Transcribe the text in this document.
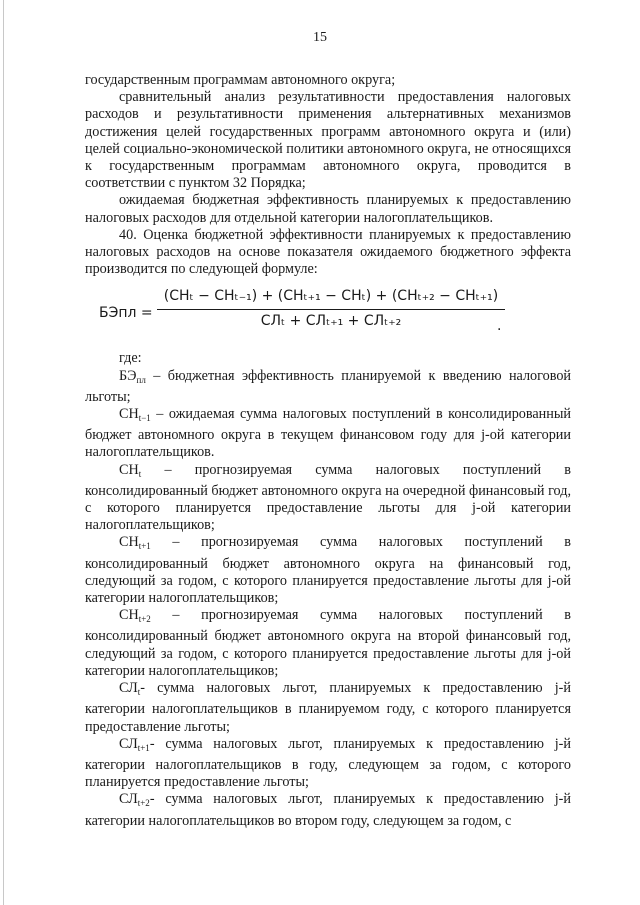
15

государственным программам автономного округа;

сравнительный анализ результативности предоставления налоговых расходов и результативности применения альтернативных механизмов достижения целей государственных программ автономного округа и (или) целей социально-экономической политики автономного округа, не относящихся к государственным программам автономного округа, проводится в соответствии с пунктом 32 Порядка;

ожидаемая бюджетная эффективность планируемых к предоставлению налоговых расходов для отдельной категории налогоплательщиков.

40. Оценка бюджетной эффективности планируемых к предоставлению налоговых расходов на основе показателя ожидаемого бюджетного эффекта производится по следующей формуле:

БЭпл =
(CHₜ − CHₜ₋₁) + (CHₜ₊₁ − CHₜ) + (CHₜ₊₂ − CHₜ₊₁)
СЛₜ + СЛₜ₊₁ + СЛₜ₊₂	.

где:

$БЭ_{пл}$ – бюджетная эффективность планируемой к введению налоговой льготы;

$CH_{t-1}$ – ожидаемая сумма налоговых поступлений в консолидированный бюджет автономного округа в текущем финансовом году для j-ой категории налогоплательщиков.

$CH_t$ – прогнозируемая сумма налоговых поступлений в консолидированный бюджет автономного округа на очередной финансовый год, с которого планируется предоставление льготы для j-ой категории налогоплательщиков;

$CH_{t+1}$ – прогнозируемая сумма налоговых поступлений в консолидированный бюджет автономного округа на финансовый год, следующий за годом, с которого планируется предоставление льготы для j-ой категории налогоплательщиков;

$CH_{t+2}$ – прогнозируемая сумма налоговых поступлений в консолидированный бюджет автономного округа на второй финансовый год, следующий за годом, с которого планируется предоставление льготы для j-ой категории налогоплательщиков;

$СЛ_t-$ сумма налоговых льгот, планируемых к предоставлению j-й категории налогоплательщиков в планируемом году, с которого планируется предоставление льготы;

$СЛ_{t+1}-$ сумма налоговых льгот, планируемых к предоставлению j-й категории налогоплательщиков в году, следующем за годом, с которого планируется предоставление льготы;

$СЛ_{t+2}-$ сумма налоговых льгот, планируемых к предоставлению j-й категории налогоплательщиков во втором году, следующем за годом, с
